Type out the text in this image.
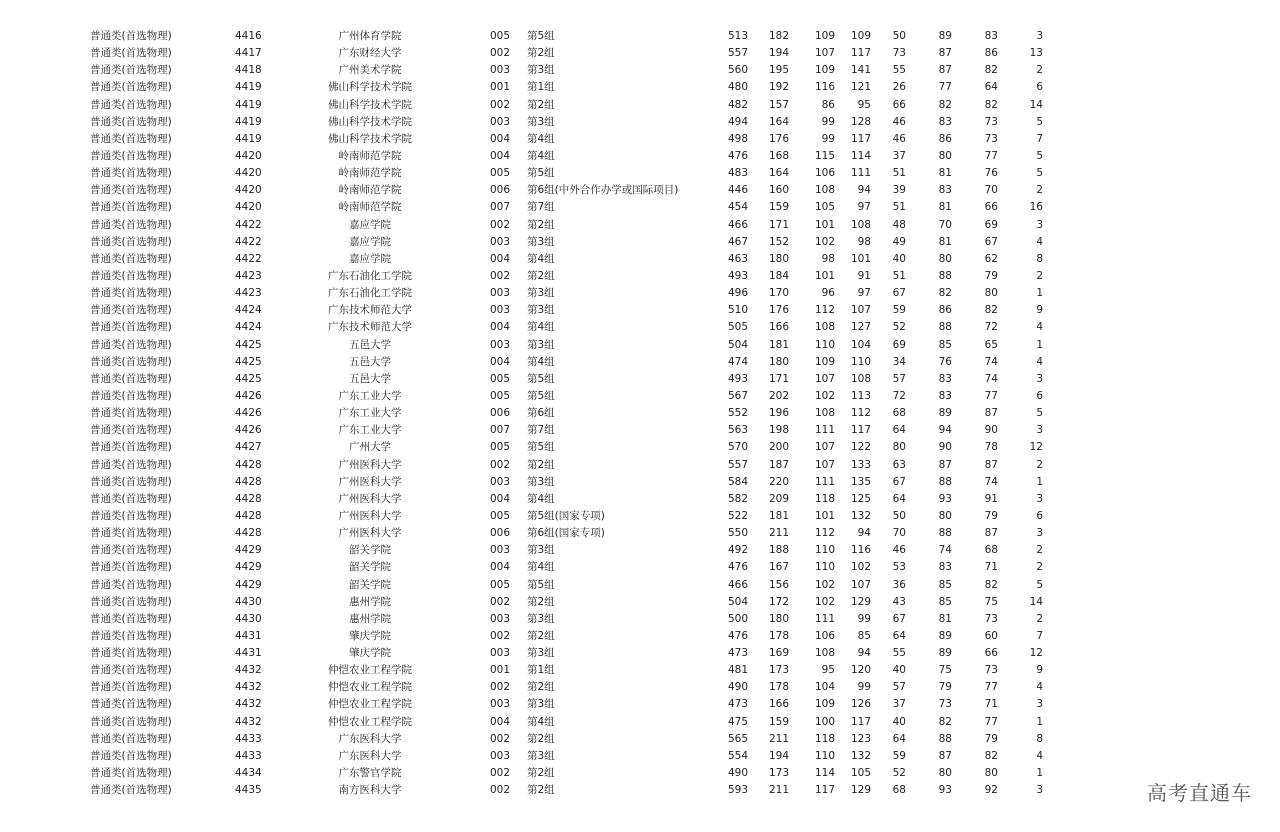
普通类(首选物理)	4416	广州体育学院	005 第5组	513 182 109 109 50	89	83	3
普通类(首选物理)	4417	广东财经大学	002 第2组	557 194 107 117 73	87	86	13
普通类(首选物理)	4418	广州美术学院	003 第3组	560 195 109 141 55	87	82	2
普通类(首选物理)	4419	佛山科学技术学院	001 第1组	480 192 116 121 26	77	64	6
普通类(首选物理)	4419	佛山科学技术学院	002 第2组	482 157	86 95 66	82	82	14
普通类(首选物理)	4419	佛山科学技术学院	003 第3组	494 164	99 128 46	83	73	5
普通类(首选物理)	4419	佛山科学技术学院	004 第4组	498 176	99 117 46	86	73	7
普通类(首选物理)	4420	岭南师范学院	004 第4组	476 168 115 114 37	80	77	5
普通类(首选物理)	4420	岭南师范学院	005 第5组	483 164 106 111 51	81	76	5
普通类(首选物理)	4420	岭南师范学院	006 第6组(中外合作办学或国际项目)	446 160 108 94 39	83	70	2
普通类(首选物理)	4420	岭南师范学院	007 第7组	454 159 105 97 51	81	66	16
普通类(首选物理)	4422	嘉应学院	002 第2组	466 171 101 108 48	70	69	3
普通类(首选物理)	4422	嘉应学院	003 第3组	467 152 102 98 49	81	67	4
普通类(首选物理)	4422	嘉应学院	004 第4组	463 180	98 101 40	80	62	8
普通类(首选物理)	4423	广东石油化工学院	002 第2组	493 184 101 91 51	88	79	2
普通类(首选物理)	4423	广东石油化工学院	003 第3组	496 170	96 97 67	82	80	1
普通类(首选物理)	4424	广东技术师范大学	003 第3组	510 176 112 107 59	86	82	9
普通类(首选物理)	4424	广东技术师范大学	004 第4组	505 166 108 127 52	88	72	4
普通类(首选物理)	4425	五邑大学	003 第3组	504 181 110 104 69	85	65	1
普通类(首选物理)	4425	五邑大学	004 第4组	474 180 109 110 34	76	74	4
普通类(首选物理)	4425	五邑大学	005 第5组	493 171 107 108 57	83	74	3
普通类(首选物理)	4426	广东工业大学	005 第5组	567 202 102 113 72	83	77	6
普通类(首选物理)	4426	广东工业大学	006 第6组	552 196 108 112 68	89	87	5
普通类(首选物理)	4426	广东工业大学	007 第7组	563 198 111 117 64	94	90	3
普通类(首选物理)	4427	广州大学	005 第5组	570 200 107 122 80	90	78	12
普通类(首选物理)	4428	广州医科大学	002 第2组	557 187 107 133 63	87	87	2
普通类(首选物理)	4428	广州医科大学	003 第3组	584 220 111 135 67	88	74	1
普通类(首选物理)	4428	广州医科大学	004 第4组	582 209 118 125 64	93	91	3
普通类(首选物理)	4428	广州医科大学	005 第5组(国家专项)	522 181 101 132 50	80	79	6
普通类(首选物理)	4428	广州医科大学	006 第6组(国家专项)	550 211 112 94 70	88	87	3
普通类(首选物理)	4429	韶关学院	003 第3组	492 188 110 116 46	74	68	2
普通类(首选物理)	4429	韶关学院	004 第4组	476 167 110 102 53	83	71	2
普通类(首选物理)	4429	韶关学院	005 第5组	466 156 102 107 36	85	82	5
普通类(首选物理)	4430	惠州学院	002 第2组	504 172 102 129 43	85	75	14
普通类(首选物理)	4430	惠州学院	003 第3组	500 180 111 99 67	81	73	2
普通类(首选物理)	4431	肇庆学院	002 第2组	476 178 106 85 64	89	60	7
普通类(首选物理)	4431	肇庆学院	003 第3组	473 169 108 94 55	89	66	12
普通类(首选物理)	4432	仲恺农业工程学院	001 第1组	481 173	95 120 40	75	73	9
普通类(首选物理)	4432	仲恺农业工程学院	002 第2组	490 178 104 99 57	79	77	4
普通类(首选物理)	4432	仲恺农业工程学院	003 第3组	473 166 109 126 37	73	71	3
普通类(首选物理)	4432	仲恺农业工程学院	004 第4组	475 159 100 117 40	82	77	1
普通类(首选物理)	4433	广东医科大学	002 第2组	565 211 118 123 64	88	79	8
普通类(首选物理)	4433	广东医科大学	003 第3组	554 194 110 132 59	87	82	4
普通类(首选物理)	4434	广东警官学院	002 第2组	490 173 114 105 52	80	80	1
普通类(首选物理)	4435	南方医科大学	002 第2组	593 211 117 129 68	93	92	3	高考直通车
